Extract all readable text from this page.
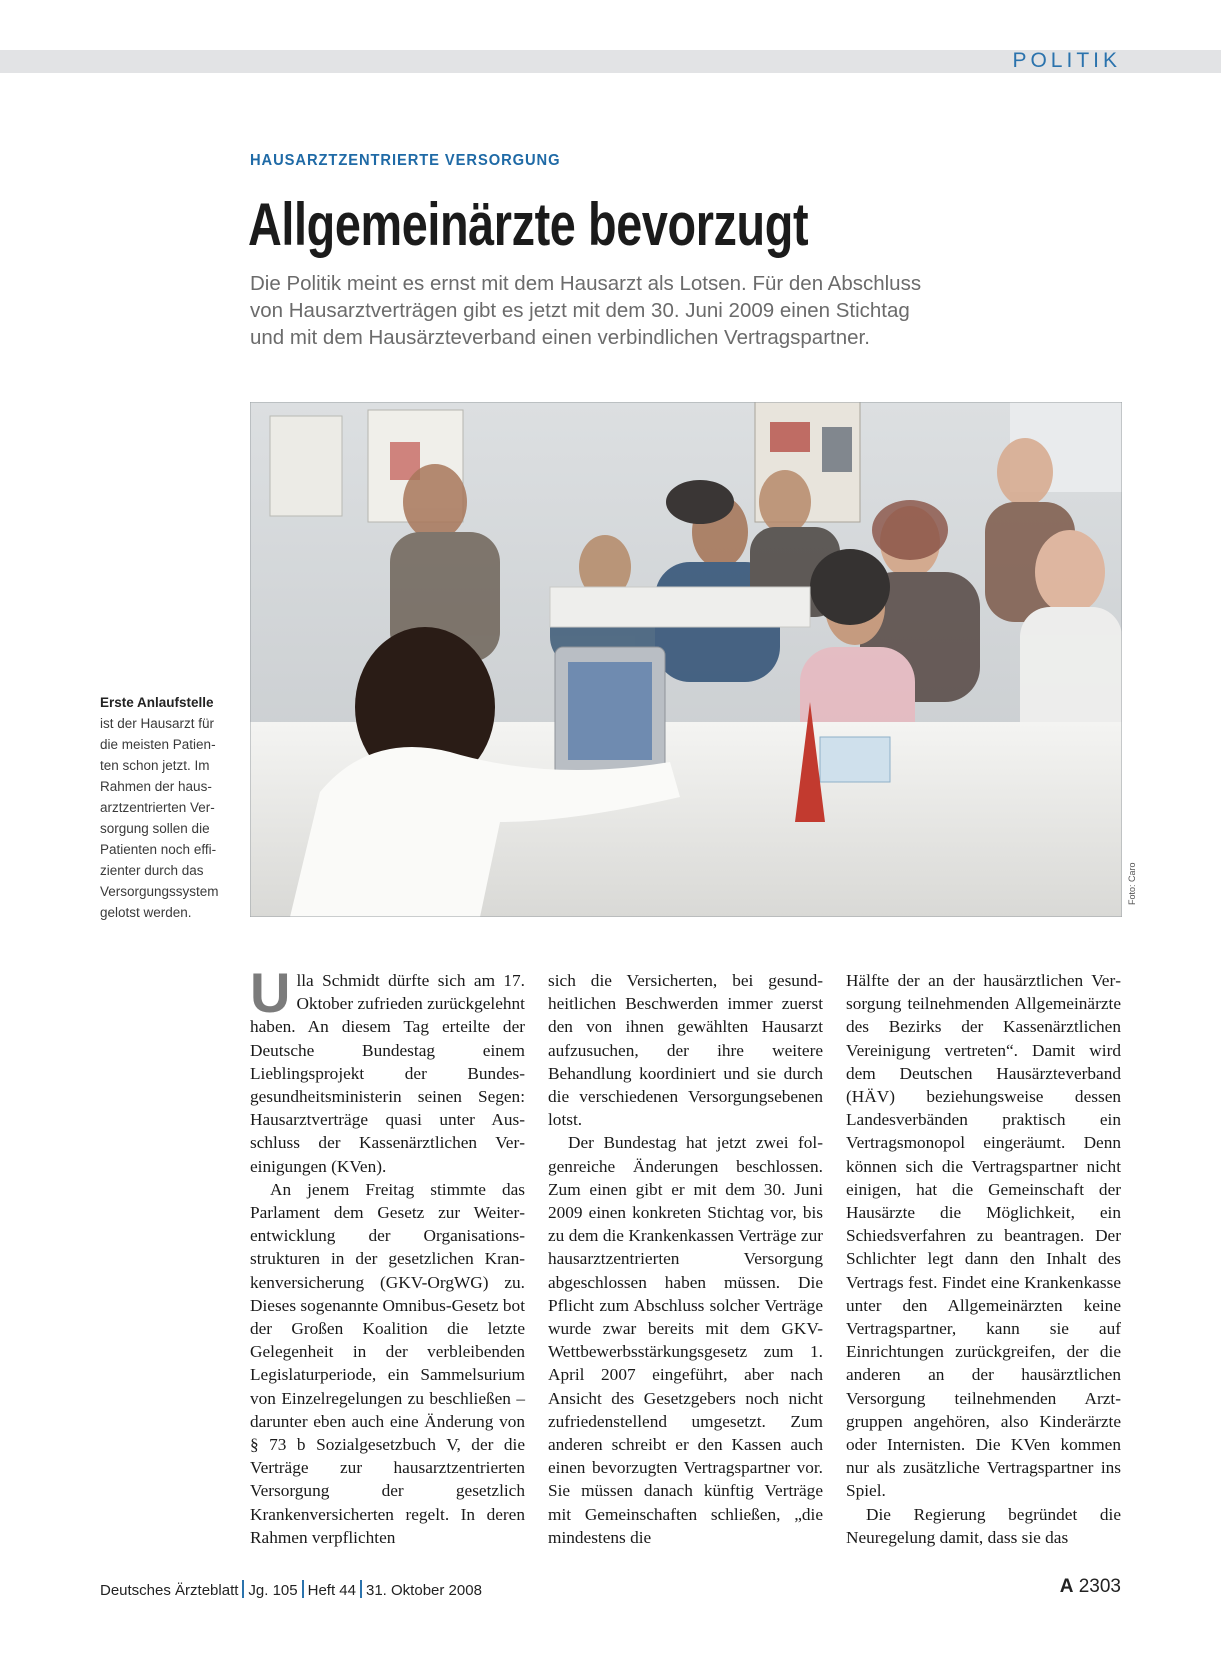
POLITIK
HAUSARZTZENTRIERTE VERSORGUNG
Allgemeinärzte bevorzugt
Die Politik meint es ernst mit dem Hausarzt als Lotsen. Für den Abschluss
von Hausarztverträgen gibt es jetzt mit dem 30. Juni 2009 einen Stichtag
und mit dem Hausärzteverband einen verbindlichen Vertragspartner.
Erste Anlaufstelle
ist der Hausarzt für
die meisten Patien-
ten schon jetzt. Im
Rahmen der haus-
arztzentrierten Ver-
sorgung sollen die
Patienten noch effi-
zienter durch das
Versorgungssystem
gelotst werden.
Foto: Caro

Ulla Schmidt dürfte sich am 17. Oktober zufrieden zurückgelehnt haben. An diesem Tag erteilte der Deutsche Bundestag einem Lieblingsprojekt der Bundesgesundheitsministerin seinen Segen: Hausarztverträge quasi unter Ausschluss der Kassenärztlichen Vereinigungen (KVen).

An jenem Freitag stimmte das Parlament dem Gesetz zur Weiterentwicklung der Organisationsstrukturen in der gesetzlichen Krankenversicherung (GKV-OrgWG) zu. Dieses sogenannte Omnibus-Gesetz bot der Großen Koalition die letzte Gelegenheit in der verbleibenden Legislaturperiode, ein Sammelsurium von Einzelregelungen zu beschließen – darunter eben auch eine Änderung von § 73 b Sozialgesetzbuch V, der die Verträge zur hausarztzentrierten Versorgung der gesetzlich Krankenversicherten regelt. In deren Rahmen verpflichten

sich die Versicherten, bei gesundheitlichen Beschwerden immer zuerst den von ihnen gewählten Hausarzt aufzusuchen, der ihre weitere Behandlung koordiniert und sie durch die verschiedenen Versorgungsebenen lotst.

Der Bundestag hat jetzt zwei folgenreiche Änderungen beschlossen. Zum einen gibt er mit dem 30. Juni 2009 einen konkreten Stichtag vor, bis zu dem die Krankenkassen Verträge zur hausarztzentrierten Versorgung abgeschlossen haben müssen. Die Pflicht zum Abschluss solcher Verträge wurde zwar bereits mit dem GKV-Wettbewerbsstärkungsgesetz zum 1. April 2007 eingeführt, aber nach Ansicht des Gesetzgebers noch nicht zufriedenstellend umgesetzt. Zum anderen schreibt er den Kassen auch einen bevorzugten Vertragspartner vor. Sie müssen danach künftig Verträge mit Gemeinschaften schließen, „die mindestens die

Hälfte der an der hausärztlichen Versorgung teilnehmenden Allgemeinärzte des Bezirks der Kassenärztlichen Vereinigung vertreten“. Damit wird dem Deutschen Hausärzteverband (HÄV) beziehungsweise dessen Landesverbänden praktisch ein Vertragsmonopol eingeräumt. Denn können sich die Vertragspartner nicht einigen, hat die Gemeinschaft der Hausärzte die Möglichkeit, ein Schiedsverfahren zu beantragen. Der Schlichter legt dann den Inhalt des Vertrags fest. Findet eine Krankenkasse unter den Allgemeinärzten keine Vertragspartner, kann sie auf Einrichtungen zurückgreifen, der die anderen an der hausärztlichen Versorgung teilnehmenden Arztgruppen angehören, also Kinderärzte oder Internisten. Die KVen kommen nur als zusätzliche Vertragspartner ins Spiel.

Die Regierung begründet die Neuregelung damit, dass sie das

Deutsches Ärzteblatt Jg. 105 Heft 44 31. Oktober 2008	A 2303
